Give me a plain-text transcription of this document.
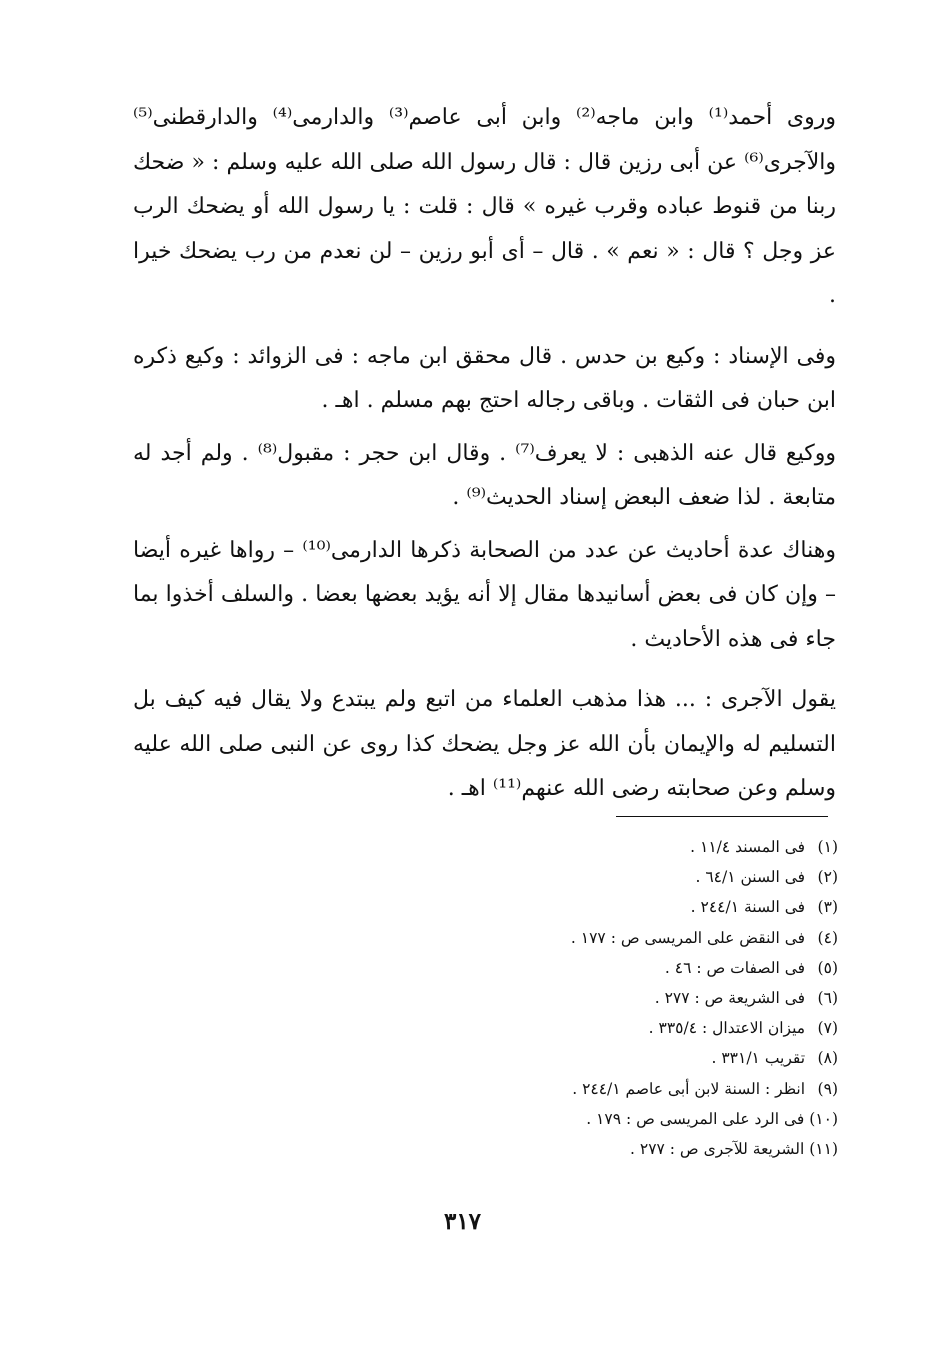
وروى أحمد⁽¹⁾ وابن ماجه⁽²⁾ وابن أبى عاصم⁽³⁾ والدارمى⁽⁴⁾ والدارقطنى⁽⁵⁾ والآجرى⁽⁶⁾ عن أبى رزين قال : قال رسول الله صلى الله عليه وسلم : « ضحك ربنا من قنوط عباده وقرب غيره » قال : قلت : يا رسول الله أو يضحك الرب عز وجل ؟ قال : « نعم » . قال – أى أبو رزين – لن نعدم من رب يضحك خيرا .

وفى الإسناد : وكيع بن حدس . قال محقق ابن ماجه : فى الزوائد : وكيع ذكره ابن حبان فى الثقات . وباقى رجاله احتج بهم مسلم . اهـ .

ووكيع قال عنه الذهبى : لا يعرف⁽⁷⁾ . وقال ابن حجر : مقبول⁽⁸⁾ . ولم أجد له متابعة . لذا ضعف البعض إسناد الحديث⁽⁹⁾ .

وهناك عدة أحاديث عن عدد من الصحابة ذكرها الدارمى⁽¹⁰⁾ – رواها غيره أيضا – وإن كان فى بعض أسانيدها مقال إلا أنه يؤيد بعضها بعضا . والسلف أخذوا بما جاء فى هذه الأحاديث .

يقول الآجرى : ... هذا مذهب العلماء من اتبع ولم يبتدع ولا يقال فيه كيف بل التسليم له والإيمان بأن الله عز وجل يضحك كذا روى عن النبى صلى الله عليه وسلم وعن صحابته رضى الله عنهم⁽¹¹⁾ اهـ .

(١) فى المسند ١١/٤ .
(٢) فى السنن ٦٤/١ .
(٣) فى السنة ٢٤٤/١ .
(٤) فى النقض على المريسى ص : ١٧٧ .
(٥) فى الصفات ص : ٤٦ .
(٦) فى الشريعة ص : ٢٧٧ .
(٧) ميزان الاعتدال : ٣٣٥/٤ .
(٨) تقريب ٣٣١/١ .
(٩) انظر : السنة لابن أبى عاصم ٢٤٤/١ .
(١٠) فى الرد على المريسى ص : ١٧٩ .
(١١) الشريعة للآجرى ص : ٢٧٧ .
٣١٧
